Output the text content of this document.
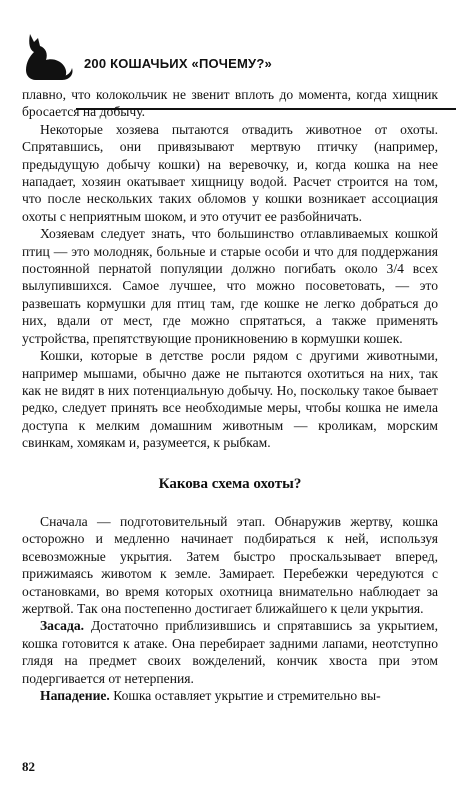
200 КОШАЧЬИХ «ПОЧЕМУ?»

плавно, что колокольчик не звенит вплоть до момента, когда хищник бросается на добычу.

Некоторые хозяева пытаются отвадить животное от охоты. Спрятавшись, они привязывают мертвую птичку (например, предыдущую добычу кошки) на веревочку, и, когда кошка на нее нападает, хозяин окатывает хищницу водой. Расчет строится на том, что после нескольких таких обломов у кошки возникает ассоциация охоты с неприятным шоком, и это отучит ее разбойничать.

Хозяевам следует знать, что большинство отлавливаемых кошкой птиц — это молодняк, больные и старые особи и что для поддержания постоянной пернатой популяции должно погибать около 3/4 всех вылупившихся. Самое лучшее, что можно посоветовать, — это развешать кормушки для птиц там, где кошке не легко добраться до них, вдали от мест, где можно спрятаться, а также применять устройства, препятствующие проникновению в кормушки кошек.

Кошки, которые в детстве росли рядом с другими животными, например мышами, обычно даже не пытаются охотиться на них, так как не видят в них потенциальную добычу. Но, поскольку такое бывает редко, следует принять все необходимые меры, чтобы кошка не имела доступа к мелким домашним животным — кроликам, морским свинкам, хомякам и, разумеется, к рыбкам.

Какова схема охоты?

Сначала — подготовительный этап. Обнаружив жертву, кошка осторожно и медленно начинает подбираться к ней, используя всевозможные укрытия. Затем быстро проскальзывает вперед, прижимаясь животом к земле. Замирает. Перебежки чередуются с остановками, во время которых охотница внимательно наблюдает за жертвой. Так она постепенно достигает ближайшего к цели укрытия.

Засада. Достаточно приблизившись и спрятавшись за укрытием, кошка готовится к атаке. Она перебирает задними лапами, неотступно глядя на предмет своих вожделений, кончик хвоста при этом подергивается от нетерпения.

Нападение. Кошка оставляет укрытие и стремительно вы-

82
